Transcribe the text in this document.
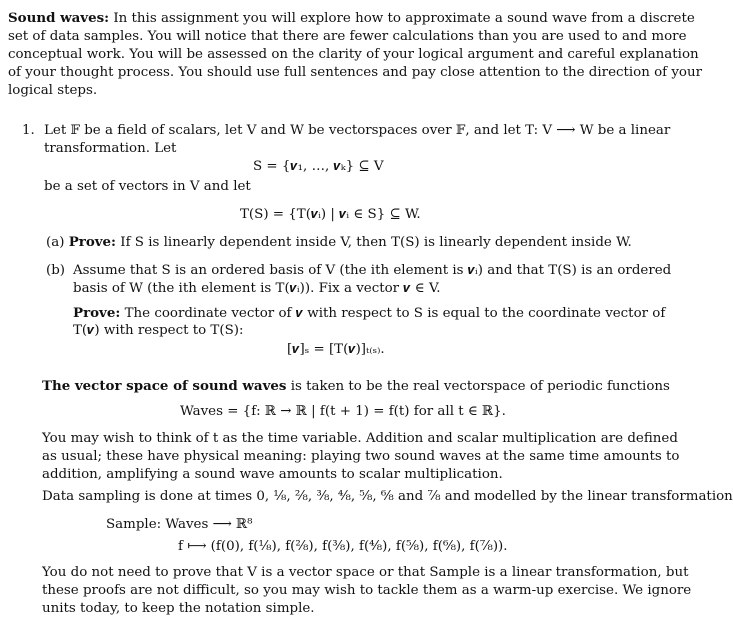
Sound waves: In this assignment you will explore how to approximate a sound wave from a discrete
set of data samples. You will notice that there are fewer calculations than you are used to and more
conceptual work. You will be assessed on the clarity of your logical argument and careful explanation
of your thought process. You should use full sentences and pay close attention to the direction of your
logical steps.
1. Let 𝔽 be a field of scalars, let V and W be vectorspaces over 𝔽, and let T: V ⟶ W be a linear
transformation. Let
S = {𝒗₁, …, 𝒗ₖ} ⊆ V
be a set of vectors in V and let
T(S) = {T(𝒗ᵢ) | 𝒗ᵢ ∈ S} ⊆ W.
(a) Prove: If S is linearly dependent inside V, then T(S) is linearly dependent inside W.
(b) Assume that S is an ordered basis of V (the ith element is 𝒗ᵢ) and that T(S) is an ordered
basis of W (the ith element is T(𝒗ᵢ)). Fix a vector 𝒗 ∈ V.
Prove: The coordinate vector of 𝒗 with respect to S is equal to the coordinate vector of
T(𝒗) with respect to T(S):
[𝒗]ₛ = [T(𝒗)]ₜ₍ₛ₎.
The vector space of sound waves is taken to be the real vectorspace of periodic functions
Waves = {f: ℝ → ℝ | f(t + 1) = f(t) for all t ∈ ℝ}.
You may wish to think of t as the time variable. Addition and scalar multiplication are defined
as usual; these have physical meaning: playing two sound waves at the same time amounts to
addition, amplifying a sound wave amounts to scalar multiplication.
Data sampling is done at times 0, ⅛, ²⁄₈, ³⁄₈, ⁴⁄₈, ⁵⁄₈, ⁶⁄₈ and ⁷⁄₈ and modelled by the linear transformation
Sample: Waves ⟶ ℝ⁸
f ⟼ (f(0), f(⅛), f(²⁄₈), f(³⁄₈), f(⁴⁄₈), f(⁵⁄₈), f(⁶⁄₈), f(⁷⁄₈)).
You do not need to prove that V is a vector space or that Sample is a linear transformation, but
these proofs are not difficult, so you may wish to tackle them as a warm-up exercise. We ignore
units today, to keep the notation simple.
